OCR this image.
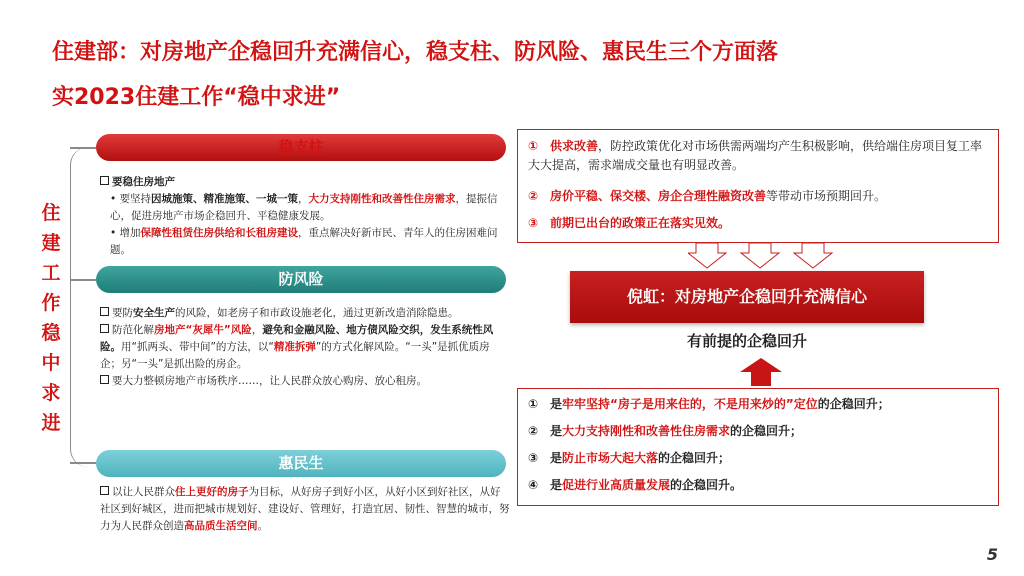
住建部：对房地产企稳回升充满信心，稳支柱、防风险、惠民生三个方面落
实2023住建工作“稳中求进”
住
建
工
作
稳
中
求
进
稳支柱

要稳住房地产

• 要坚持因城施策、精准施策、一城一策，大力支持刚性和改善性住房需求，提振信心，促进房地产市场企稳回升、平稳健康发展。

• 增加保障性租赁住房供给和长租房建设，重点解决好新市民、青年人的住房困难问题。

防风险

要防安全生产的风险，如老房子和市政设施老化，通过更新改造消除隐患。

防范化解房地产“灰犀牛”风险，避免和金融风险、地方债风险交织，发生系统性风险。用“抓两头、带中间”的方法，以“精准拆弹”的方式化解风险。“一头”是抓优质房企；另“一头”是抓出险的房企。

要大力整顿房地产市场秩序……，让人民群众放心购房、放心租房。

惠民生

以让人民群众住上更好的房子为目标，从好房子到好小区，从好小区到好社区，从好社区到好城区，进而把城市规划好、建设好、管理好，打造宜居、韧性、智慧的城市，努力为人民群众创造高品质生活空间。

① 供求改善，防控政策优化对市场供需两端均产生积极影响，供给端住房项目复工率大大提高，需求端成交量也有明显改善。
② 房价平稳、保交楼、房企合理性融资改善等带动市场预期回升。
③ 前期已出台的政策正在落实见效。
倪虹：对房地产企稳回升充满信心
有前提的企稳回升
① 是牢牢坚持“房子是用来住的，不是用来炒的”定位的企稳回升；
② 是大力支持刚性和改善性住房需求的企稳回升；
③ 是防止市场大起大落的企稳回升；
④ 是促进行业高质量发展的企稳回升。
5
